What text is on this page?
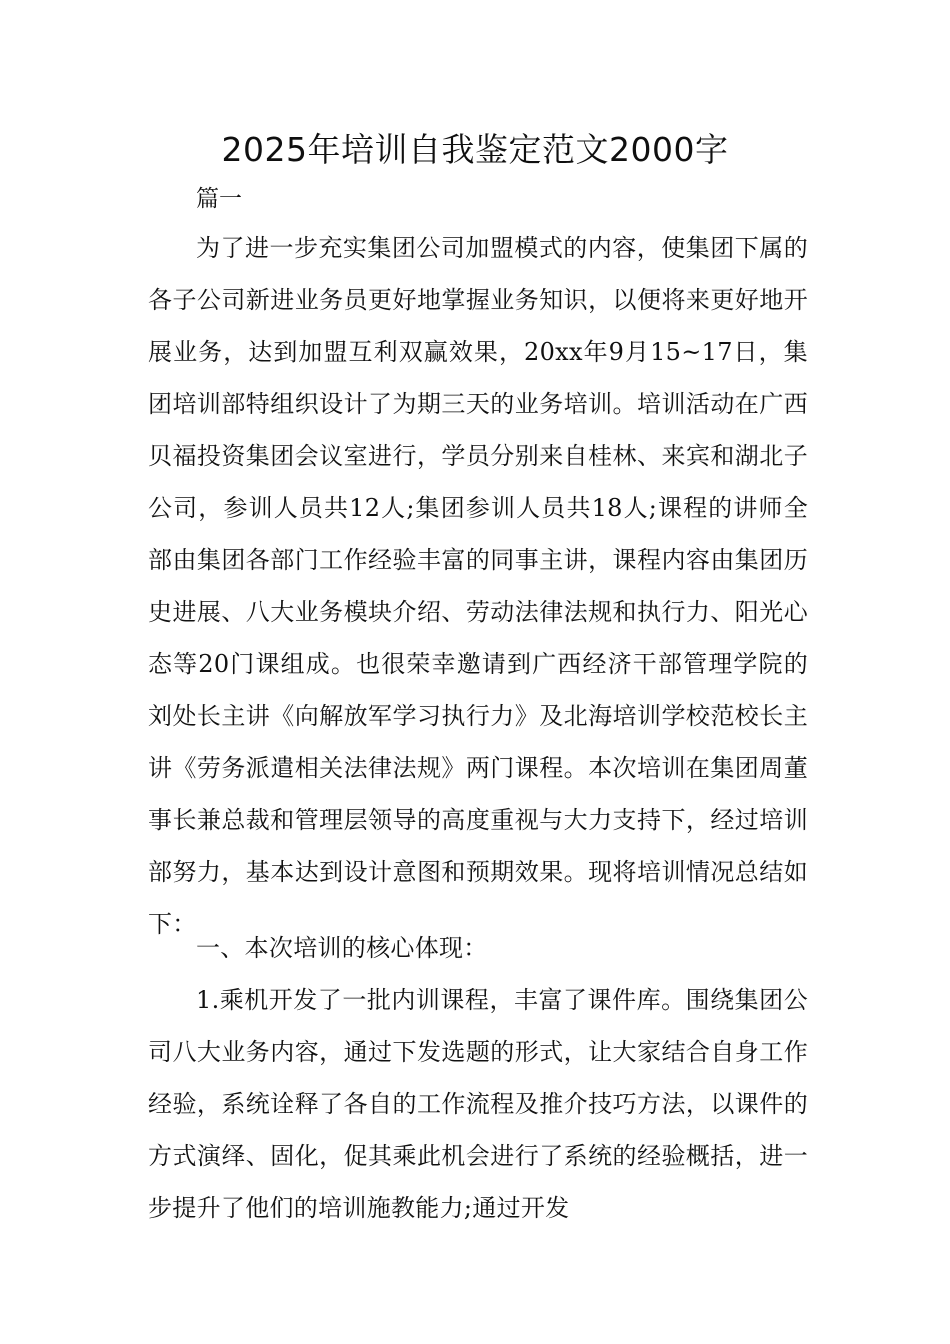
2025年培训自我鉴定范文2000字

篇一

为了进一步充实集团公司加盟模式的内容，使集团下属的各子公司新进业务员更好地掌握业务知识，以便将来更好地开展业务，达到加盟互利双赢效果，20xx年9月15~17日，集团培训部特组织设计了为期三天的业务培训。培训活动在广西贝福投资集团会议室进行，学员分别来自桂林、来宾和湖北子公司，参训人员共12人;集团参训人员共18人;课程的讲师全部由集团各部门工作经验丰富的同事主讲，课程内容由集团历史进展、八大业务模块介绍、劳动法律法规和执行力、阳光心态等20门课组成。也很荣幸邀请到广西经济干部管理学院的刘处长主讲《向解放军学习执行力》及北海培训学校范校长主讲《劳务派遣相关法律法规》两门课程。本次培训在集团周董事长兼总裁和管理层领导的高度重视与大力支持下，经过培训部努力，基本达到设计意图和预期效果。现将培训情况总结如下：

一、本次培训的核心体现：

1.乘机开发了一批内训课程，丰富了课件库。围绕集团公司八大业务内容，通过下发选题的形式，让大家结合自身工作经验，系统诠释了各自的工作流程及推介技巧方法，以课件的方式演绎、固化，促其乘此机会进行了系统的经验概括，进一步提升了他们的培训施教能力;通过开发
